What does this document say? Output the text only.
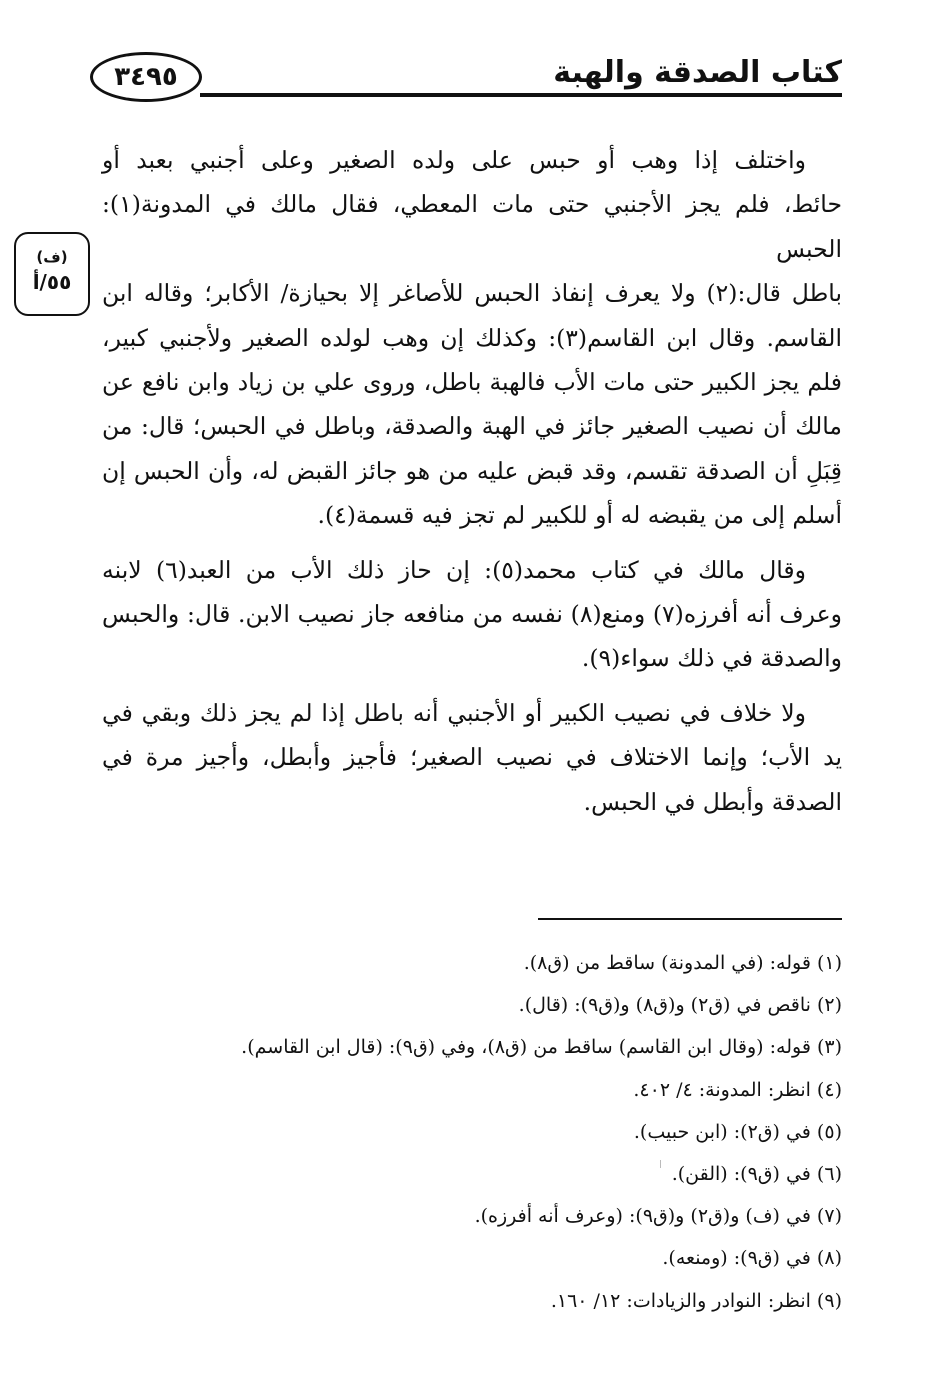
كتاب الصدقة والهبة
٣٤٩٥
(ف)
٥٥/أ

واختلف إذا وهب أو حبس على ولده الصغير وعلى أجنبي بعبد أو
حائط، فلم يجز الأجنبي حتى مات المعطي، فقال مالك في المدونة(١): الحبس
باطل قال:(٢) ولا يعرف إنفاذ الحبس للأصاغر إلا بحيازة/ الأكابر؛ وقاله ابن
القاسم. وقال ابن القاسم(٣): وكذلك إن وهب لولده الصغير ولأجنبي كبير،
فلم يجز الكبير حتى مات الأب فالهبة باطل، وروى علي بن زياد وابن نافع عن
مالك أن نصيب الصغير جائز في الهبة والصدقة، وباطل في الحبس؛ قال: من
قِبَلِ أن الصدقة تقسم، وقد قبض عليه من هو جائز القبض له، وأن الحبس إن
أسلم إلى من يقبضه له أو للكبير لم تجز فيه قسمة(٤).

وقال مالك في كتاب محمد(٥): إن حاز ذلك الأب من العبد(٦) لابنه
وعرف أنه أفرزه(٧) ومنع(٨) نفسه من منافعه جاز نصيب الابن. قال: والحبس
والصدقة في ذلك سواء(٩).

ولا خلاف في نصيب الكبير أو الأجنبي أنه باطل إذا لم يجز ذلك وبقي في
يد الأب؛ وإنما الاختلاف في نصيب الصغير؛ فأجيز وأبطل، وأجيز مرة في
الصدقة وأبطل في الحبس.

(١) قوله: (في المدونة) ساقط من (ق٨).
(٢) ناقص في (ق٢) و(ق٨) و(ق٩): (قال).
(٣) قوله: (وقال ابن القاسم) ساقط من (ق٨)، وفي (ق٩): (قال ابن القاسم).
(٤) انظر: المدونة: ٤/ ٤٠٢.
(٥) في (ق٢): (ابن حبيب).
(٦) في (ق٩): (القن).
(٧) في (ف) و(ق٢) و(ق٩): (وعرف أنه أفرزه).
(٨) في (ق٩): (ومنعه).
(٩) انظر: النوادر والزيادات: ١٢/ ١٦٠.
